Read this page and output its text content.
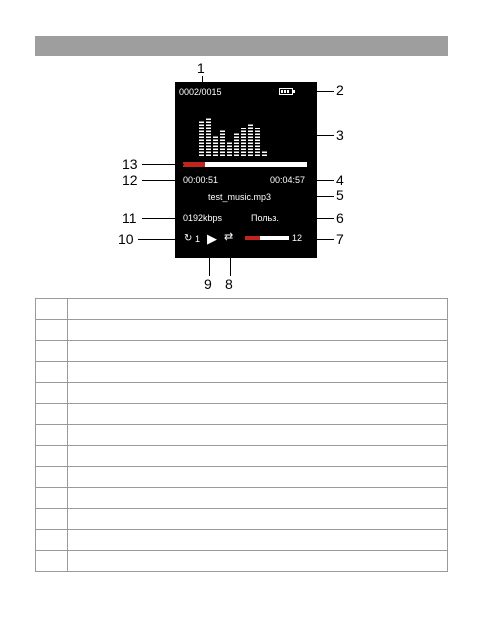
0002/0015
00:00:51	00:04:57
test_music.mp3
0192kbps	Польз.
↻ 1 ▶ ⇄	12
1
2
3
13
12	4
5
11	6
10	7
9 8
